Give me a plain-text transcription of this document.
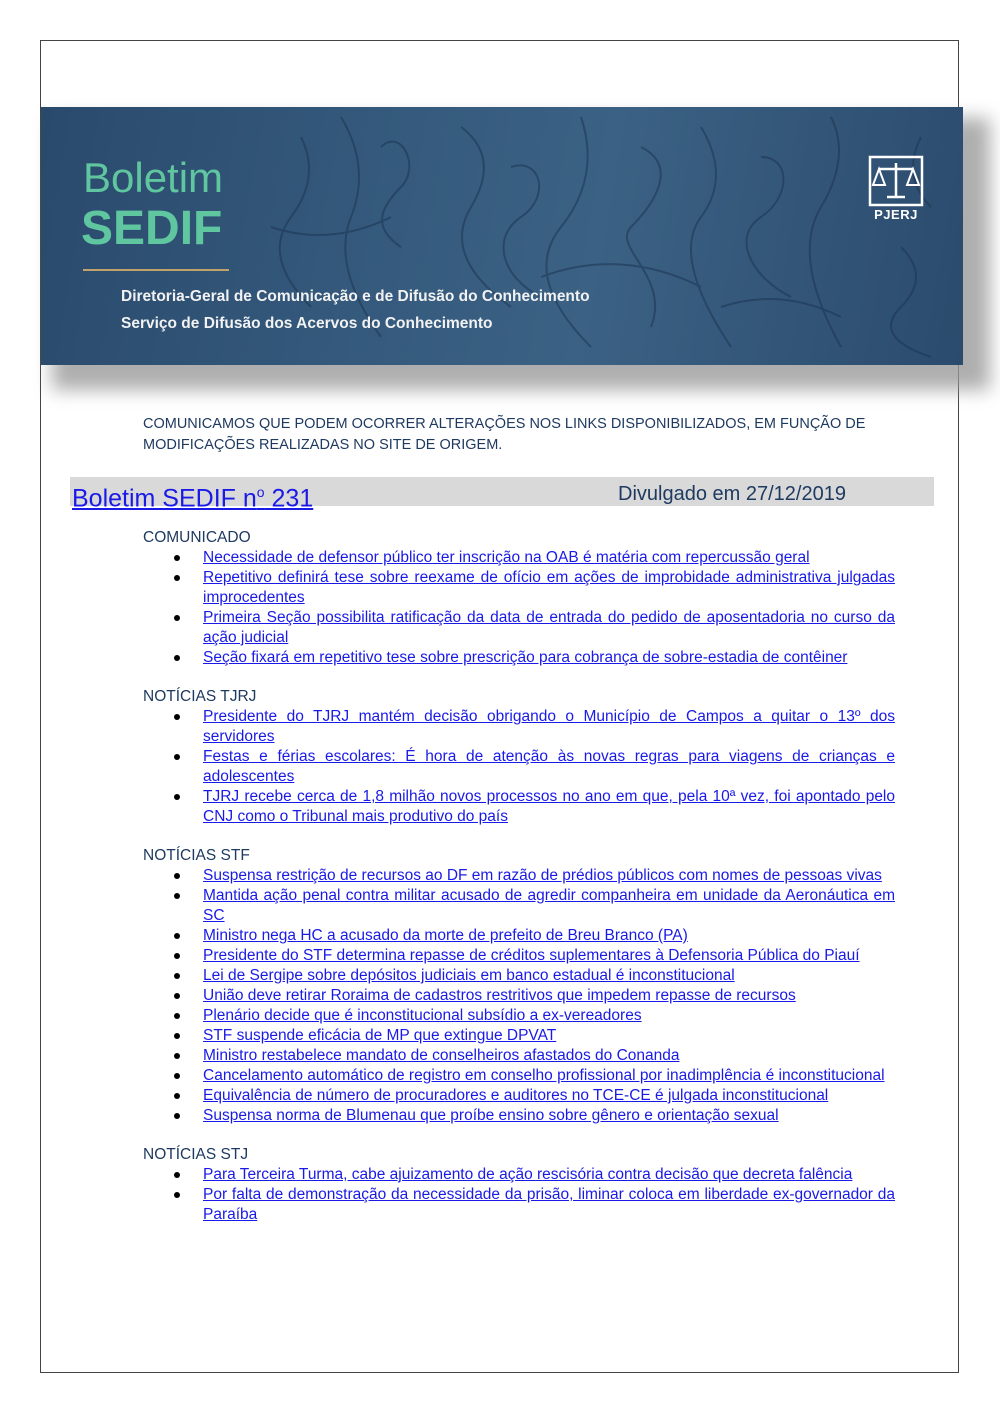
Boletim
SEDIF
Diretoria-Geral de Comunicação e de Difusão do Conhecimento
Serviço de Difusão dos Acervos do Conhecimento
PJERJ
COMUNICAMOS QUE PODEM OCORRER ALTERAÇÕES NOS LINKS DISPONIBILIZADOS, EM FUNÇÃO DE MODIFICAÇÕES REALIZADAS NO SITE DE ORIGEM.
Boletim SEDIF $n^o$ 231	Divulgado em 27/12/2019
COMUNICADO
Necessidade de defensor público ter inscrição na OAB é matéria com repercussão geral
Repetitivo definirá tese sobre reexame de ofício em ações de improbidade administrativa julgadas improcedentes
Primeira Seção possibilita ratificação da data de entrada do pedido de aposentadoria no curso da ação judicial
Seção fixará em repetitivo tese sobre prescrição para cobrança de sobre-estadia de contêiner
NOTÍCIAS TJRJ
Presidente do TJRJ mantém decisão obrigando o Município de Campos a quitar o 13º dos servidores
Festas e férias escolares: É hora de atenção às novas regras para viagens de crianças e adolescentes
TJRJ recebe cerca de 1,8 milhão novos processos no ano em que, pela 10ª vez, foi apontado pelo CNJ como o Tribunal mais produtivo do país
NOTÍCIAS STF
Suspensa restrição de recursos ao DF em razão de prédios públicos com nomes de pessoas vivas
Mantida ação penal contra militar acusado de agredir companheira em unidade da Aeronáutica em SC
Ministro nega HC a acusado da morte de prefeito de Breu Branco (PA)
Presidente do STF determina repasse de créditos suplementares à Defensoria Pública do Piauí
Lei de Sergipe sobre depósitos judiciais em banco estadual é inconstitucional
União deve retirar Roraima de cadastros restritivos que impedem repasse de recursos
Plenário decide que é inconstitucional subsídio a ex-vereadores
STF suspende eficácia de MP que extingue DPVAT
Ministro restabelece mandato de conselheiros afastados do Conanda
Cancelamento automático de registro em conselho profissional por inadimplência é inconstitucional
Equivalência de número de procuradores e auditores no TCE-CE é julgada inconstitucional
Suspensa norma de Blumenau que proíbe ensino sobre gênero e orientação sexual
NOTÍCIAS STJ
Para Terceira Turma, cabe ajuizamento de ação rescisória contra decisão que decreta falência
Por falta de demonstração da necessidade da prisão, liminar coloca em liberdade ex-governador da Paraíba
